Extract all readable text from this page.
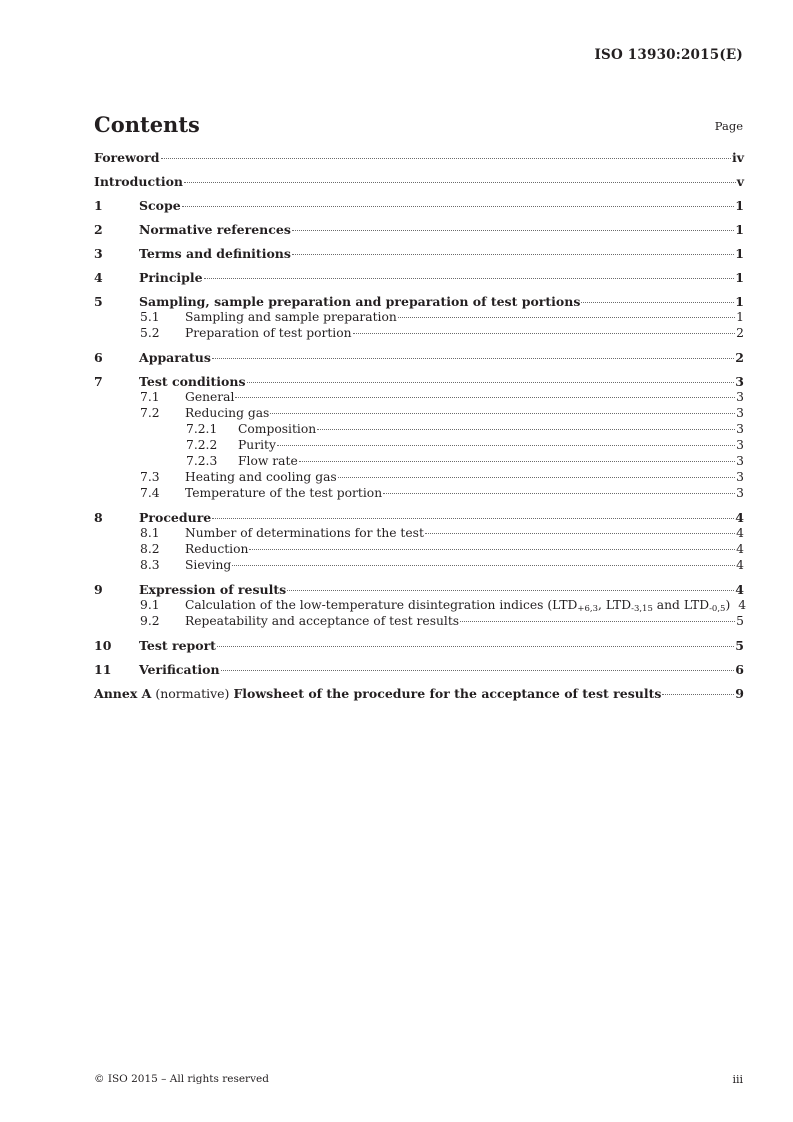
ISO 13930:2015(E)
Contents	Page
Foreword	iv
Introduction	v
1	Scope	1
2	Normative references	1
3	Terms and definitions	1
4	Principle	1
5	Sampling, sample preparation and preparation of test portions	1
5.1	Sampling and sample preparation	1
5.2	Preparation of test portion	2
6	Apparatus	2
7	Test conditions	3
7.1	General	3
7.2	Reducing gas	3
7.2.1	Composition	3
7.2.2	Purity	3
7.2.3	Flow rate	3
7.3	Heating and cooling gas	3
7.4	Temperature of the test portion	3
8	Procedure	4
8.1	Number of determinations for the test	4
8.2	Reduction	4
8.3	Sieving	4
9	Expression of results	4
9.1	Calculation of the low-temperature disintegration indices ($LTD_{+6,3}$, $LTD_{-3,15}$ and $LTD_{-0,5}$) 4
9.2	Repeatability and acceptance of test results	5
10	Test report	5
11	Verification	6
Annex A (normative) Flowsheet of the procedure for the acceptance of test results	9
© ISO 2015 – All rights reserved	iii
